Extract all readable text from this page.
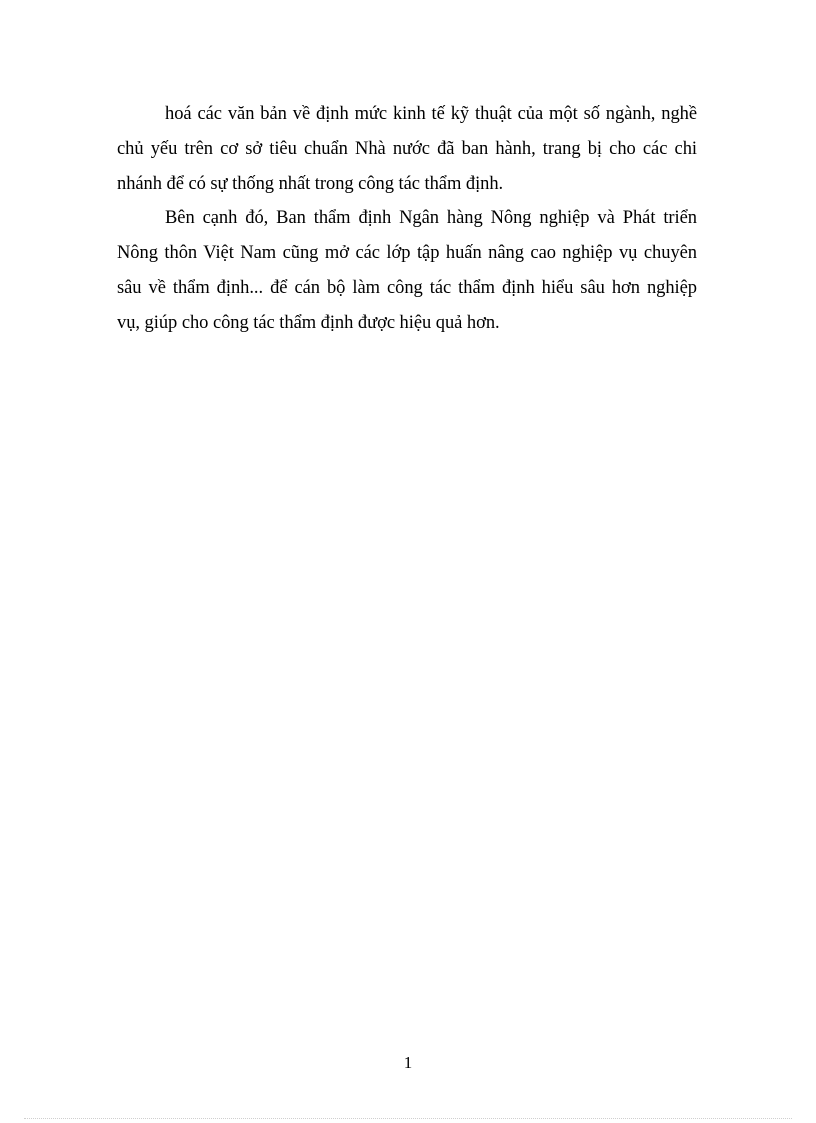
hoá các văn bản về định mức kinh tế kỹ thuật của một số ngành, nghề
chủ yếu trên cơ sở tiêu chuẩn Nhà nước đã ban hành, trang bị cho các chi
nhánh để có sự thống nhất trong công tác thẩm định.
Bên cạnh đó, Ban thẩm định Ngân hàng Nông nghiệp và Phát triển
Nông thôn Việt Nam cũng mở các lớp tập huấn nâng cao nghiệp vụ chuyên
sâu về thẩm định... để cán bộ làm công tác thẩm định hiểu sâu hơn nghiệp
vụ, giúp cho công tác thẩm định được hiệu quả hơn.
1
